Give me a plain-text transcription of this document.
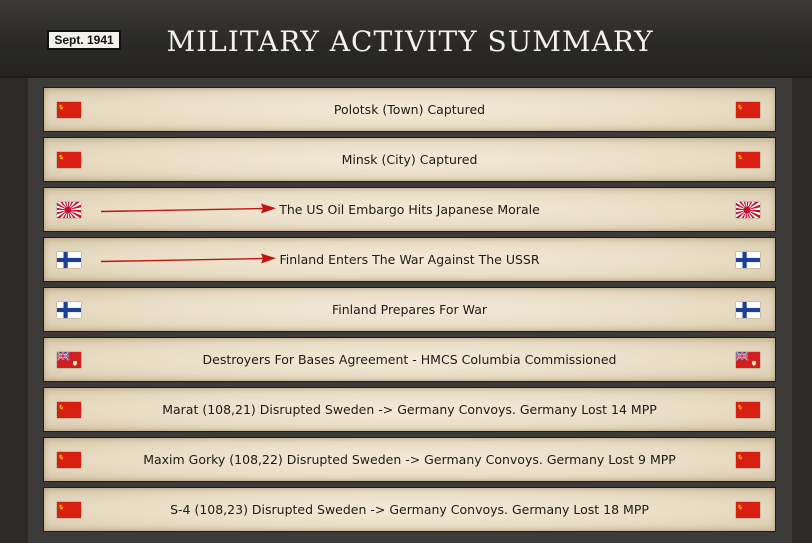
Sept. 1941	MILITARY ACTIVITY SUMMARY
Polotsk (Town) Captured
Minsk (City) Captured
The US Oil Embargo Hits Japanese Morale
Finland Enters The War Against The USSR
Finland Prepares For War
Destroyers For Bases Agreement - HMCS Columbia Commissioned
Marat (108,21) Disrupted Sweden -> Germany Convoys. Germany Lost 14 MPP
Maxim Gorky (108,22) Disrupted Sweden -> Germany Convoys. Germany Lost 9 MPP
S-4 (108,23) Disrupted Sweden -> Germany Convoys. Germany Lost 18 MPP
